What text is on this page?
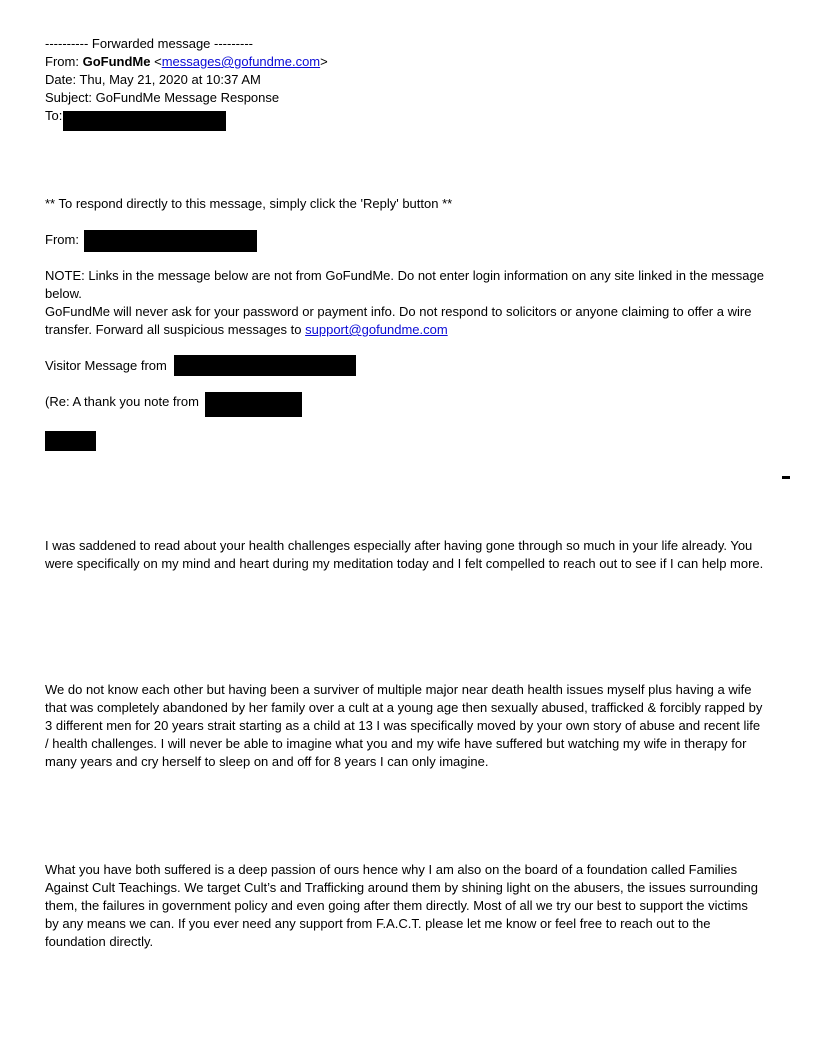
---------- Forwarded message ---------
From: GoFundMe <messages@gofundme.com>
Date: Thu, May 21, 2020 at 10:37 AM
Subject: GoFundMe Message Response
To:
** To respond directly to this message, simply click the 'Reply' button **
From:
NOTE: Links in the message below are not from GoFundMe. Do not enter login information on any site linked in the message below.
GoFundMe will never ask for your password or payment info. Do not respond to solicitors or anyone claiming to offer a wire transfer. Forward all suspicious messages to support@gofundme.com
Visitor Message from
(Re: A thank you note from
I was saddened to read about your health challenges especially after having gone through so much in your life already. You were specifically on my mind and heart during my meditation today and I felt compelled to reach out to see if I can help more.
We do not know each other but having been a surviver of multiple major near death health issues myself plus having a wife that was completely abandoned by her family over a cult at a young age then sexually abused, trafficked & forcibly rapped by 3 different men for 20 years strait starting as a child at 13 I was specifically moved by your own story of abuse and recent life / health challenges. I will never be able to imagine what you and my wife have suffered but watching my wife in therapy for many years and cry herself to sleep on and off for 8 years I can only imagine.
What you have both suffered is a deep passion of ours hence why I am also on the board of a foundation called Families Against Cult Teachings. We target Cult’s and Trafficking around them by shining light on the abusers, the issues surrounding them, the failures in government policy and even going after them directly. Most of all we try our best to support the victims by any means we can. If you ever need any support from F.A.C.T. please let me know or feel free to reach out to the foundation directly.
